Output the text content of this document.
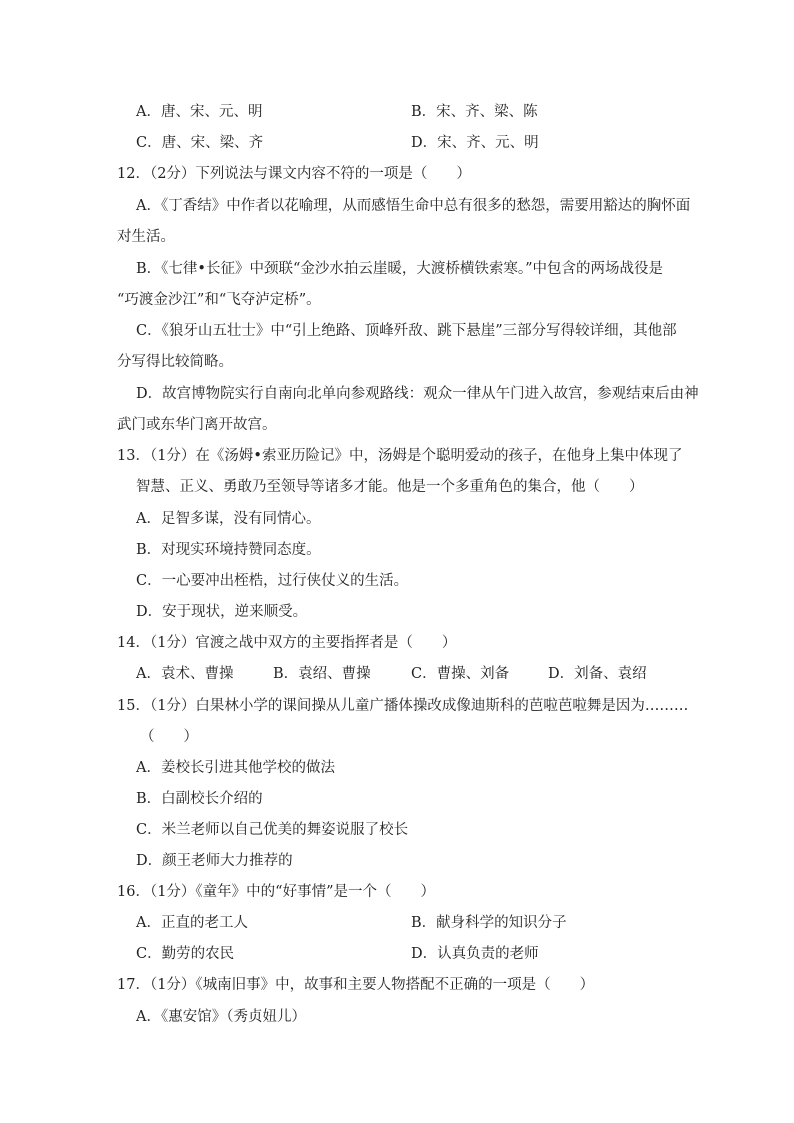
A．唐、宋、元、明	B．宋、齐、梁、陈
C．唐、宋、梁、齐	D．宋、齐、元、明
12．（2分）下列说法与课文内容不符的一项是（　　）
A．《丁香结》中作者以花喻理，从而感悟生命中总有很多的愁怨，需要用豁达的胸怀面
对生活。
B．《七律•长征》中颈联“金沙水拍云崖暖，大渡桥横铁索寒。”中包含的两场战役是
“巧渡金沙江”和“飞夺泸定桥”。
C．《狼牙山五壮士》中“引上绝路、顶峰歼敌、跳下悬崖”三部分写得较详细，其他部
分写得比较简略。
D．故宫博物院实行自南向北单向参观路线：观众一律从午门进入故宫，参观结束后由神
武门或东华门离开故宫。
13．（1分）在《汤姆•索亚历险记》中，汤姆是个聪明爱动的孩子，在他身上集中体现了
智慧、正义、勇敢乃至领导等诸多才能。他是一个多重角色的集合，他（　　）
A．足智多谋，没有同情心。
B．对现实环境持赞同态度。
C．一心要冲出桎梏，过行侠仗义的生活。
D．安于现状，逆来顺受。
14．（1分）官渡之战中双方的主要指挥者是（　　）
A．袁术、曹操	B．袁绍、曹操	C．曹操、刘备	D．刘备、袁绍
15．（1分）白果林小学的课间操从儿童广播体操改成像迪斯科的芭啦芭啦舞是因为………
（　　）
A．姜校长引进其他学校的做法
B．白副校长介绍的
C．米兰老师以自己优美的舞姿说服了校长
D．颜王老师大力推荐的
16．（1分）《童年》中的“好事情”是一个（　　）
A．正直的老工人	B．献身科学的知识分子
C．勤劳的农民	D．认真负责的老师
17．（1分）《城南旧事》中，故事和主要人物搭配不正确的一项是（　　）
A．《惠安馆》（秀贞妞儿）
